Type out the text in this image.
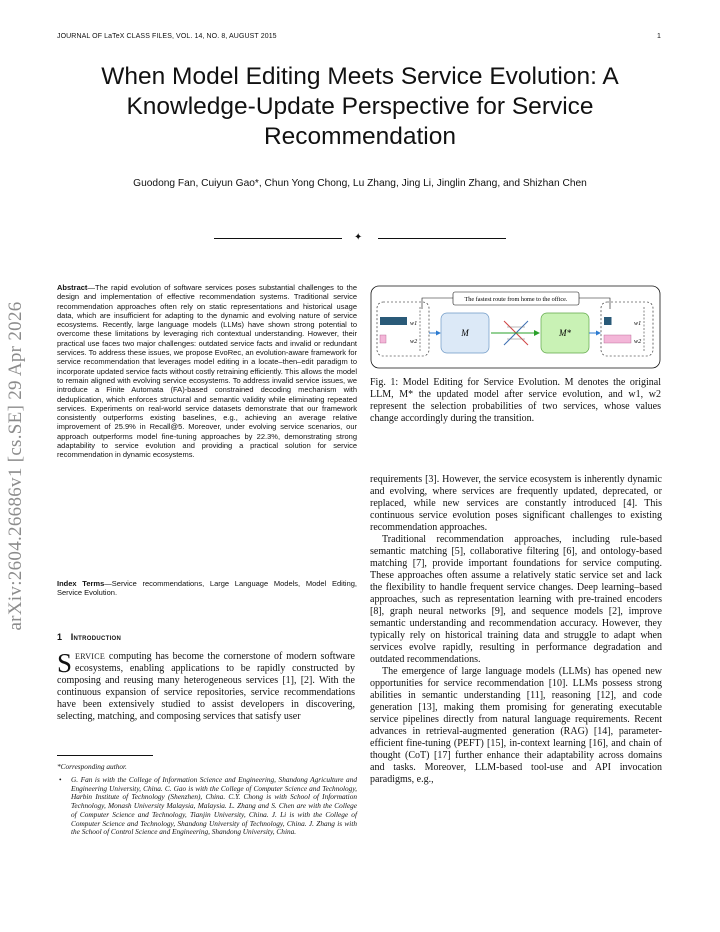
JOURNAL OF LaTeX CLASS FILES, VOL. 14, NO. 8, AUGUST 2015	1
When Model Editing Meets Service Evolution: A Knowledge-Update Perspective for Service Recommendation
Guodong Fan, Cuiyun Gao*, Chun Yong Chong, Lu Zhang, Jing Li, Jinglin Zhang, and Shizhan Chen
✦
arXiv:2604.26686v1 [cs.SE] 29 Apr 2026
Abstract—The rapid evolution of software services poses substantial challenges to the design and implementation of effective recommendation systems. Traditional service recommendation approaches often rely on static representations and historical usage data, which are insufficient for adapting to the dynamic and evolving nature of service ecosystems. Recently, large language models (LLMs) have shown strong potential to overcome these limitations by leveraging rich contextual understanding. However, their practical use faces two major challenges: outdated service facts and invalid or redundant services. To address these issues, we propose EvoRec, an evolution-aware framework for service recommendation that leverages model editing in a locate–then–edit paradigm to incorporate updated service facts without costly retraining efficiently. This allows the model to remain aligned with evolving service ecosystems. To address invalid service issues, we introduce a Finite Automata (FA)-based constrained decoding mechanism with deduplication, which enforces structural and semantic validity while eliminating repeated services. Experiments on real-world service datasets demonstrate that our framework consistently outperforms existing baselines, e.g., achieving an average relative improvement of 25.9% in Recall@5. Moreover, under evolving service scenarios, our approach outperforms model fine-tuning approaches by 22.3%, demonstrating strong adaptability to service evolution and providing a practical solution for service recommendation in dynamic ecosystems.
Index Terms—Service recommendations, Large Language Models, Model Editing, Service Evolution.
1 Introduction
SERVICE computing has become the cornerstone of modern software ecosystems, enabling applications to be rapidly constructed by composing and reusing many heterogeneous services [1], [2]. With the continuous expansion of service repositories, service recommendations have been extensively studied to assist developers in discovering, selecting, matching, and composing services that satisfy user
*Corresponding author.
• G. Fan is with the College of Information Science and Engineering, Shandong Agriculture and Engineering University, China. C. Gao is with the College of Computer Science and Technology, Harbin Institute of Technology (Shenzhen), China. C.Y. Chong is with School of Information Technology, Monash University Malaysia, Malaysia. L. Zhang and S. Chen are with the College of Computer Science and Technology, Tianjin University, China. J. Li is with the College of Computer Science and Technology, Shandong University of Technology, China. J. Zhang is with the School of Control Science and Engineering, Shandong University, China.
The fastest route from home to the office.
w1
w2
M	M*
w1
w2
Fig. 1: Model Editing for Service Evolution. M denotes the original LLM, M* the updated model after service evolution, and w1, w2 represent the selection probabilities of two services, whose values change accordingly during the transition.

requirements [3]. However, the service ecosystem is inherently dynamic and evolving, where services are frequently updated, deprecated, or replaced, while new services are constantly introduced [4]. This continuous service evolution poses significant challenges to existing recommendation approaches.

Traditional recommendation approaches, including rule-based semantic matching [5], collaborative filtering [6], and ontology-based matching [7], provide important foundations for service computing. These approaches often assume a relatively static service set and lack the flexibility to handle frequent service changes. Deep learning–based approaches, such as representation learning with pre-trained encoders [8], graph neural networks [9], and sequence models [2], improve semantic understanding and recommendation accuracy. However, they typically rely on historical training data and struggle to adapt when services evolve rapidly, resulting in performance degradation and outdated recommendations.

The emergence of large language models (LLMs) has opened new opportunities for service recommendation [10]. LLMs possess strong abilities in semantic understanding [11], reasoning [12], and code generation [13], making them promising for generating executable service pipelines directly from natural language requirements. Recent advances in retrieval-augmented generation (RAG) [14], parameter-efficient fine-tuning (PEFT) [15], in-context learning [16], and chain of thought (CoT) [17] further enhance their adaptability across domains and tasks. Moreover, LLM-based tool-use and API invocation paradigms, e.g.,
